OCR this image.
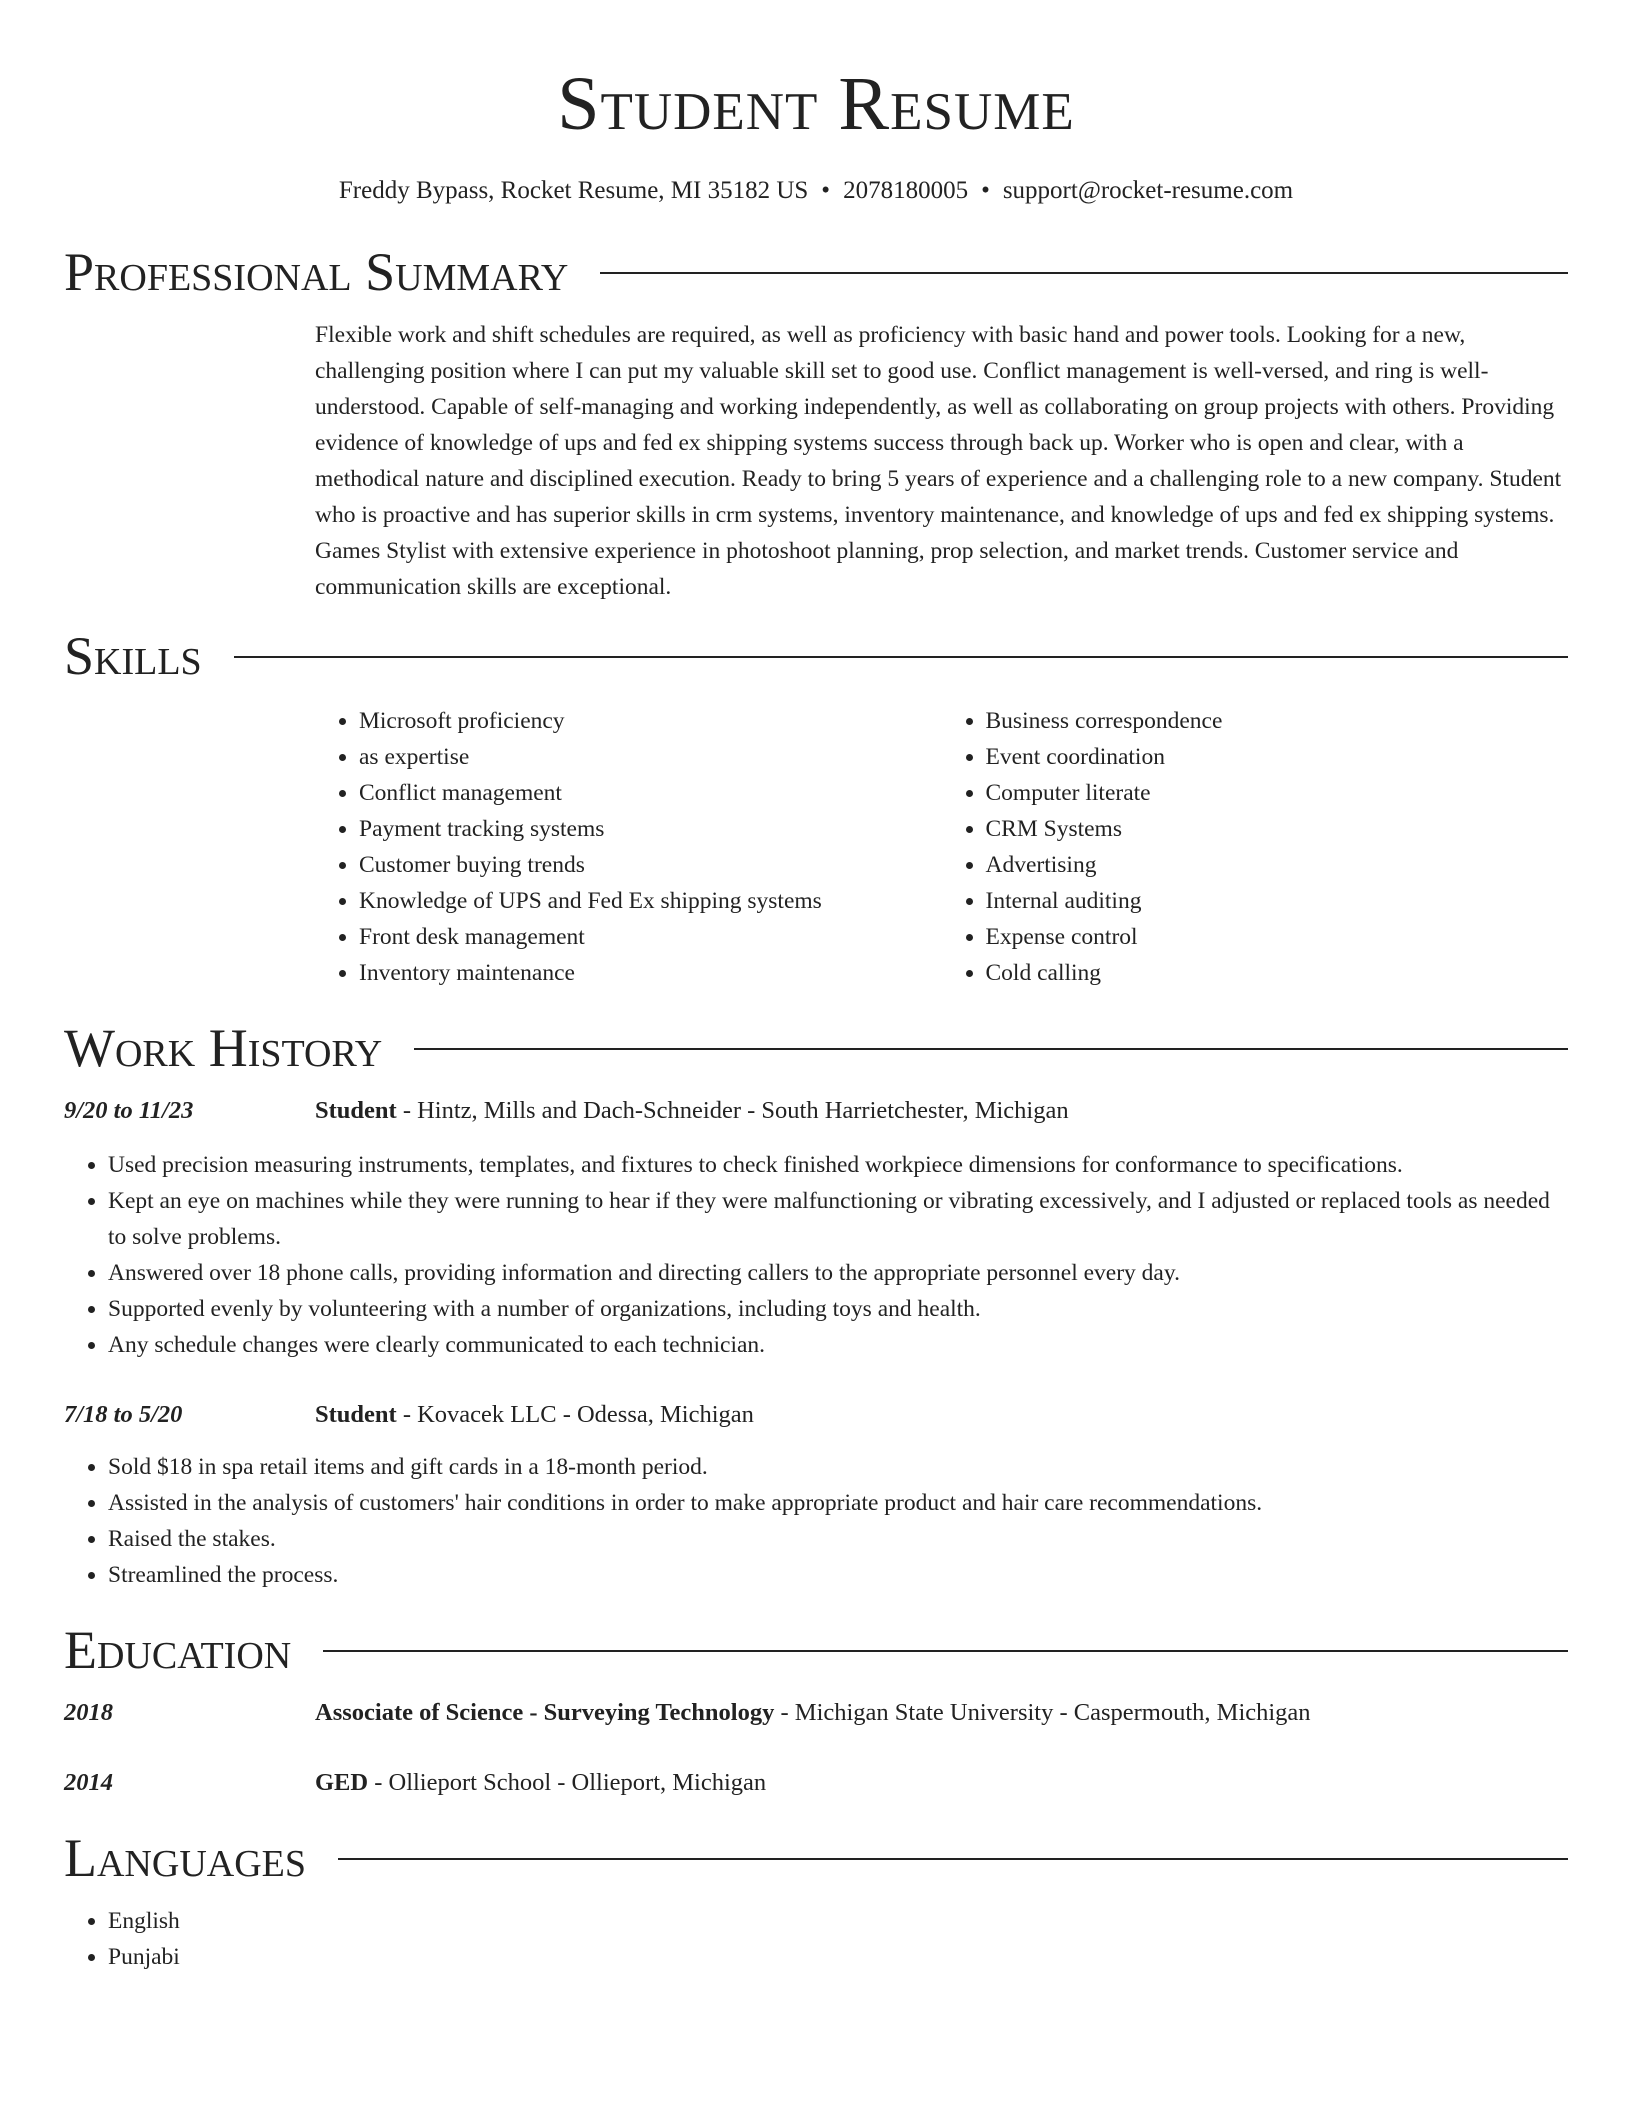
Student Resume
Freddy Bypass, Rocket Resume, MI 35182 US • 2078180005 • support@rocket-resume.com
Professional Summary
Flexible work and shift schedules are required, as well as proficiency with basic hand and power tools. Looking for a new, challenging position where I can put my valuable skill set to good use. Conflict management is well-versed, and ring is well-understood. Capable of self-managing and working independently, as well as collaborating on group projects with others. Providing evidence of knowledge of ups and fed ex shipping systems success through back up. Worker who is open and clear, with a methodical nature and disciplined execution. Ready to bring 5 years of experience and a challenging role to a new company. Student who is proactive and has superior skills in crm systems, inventory maintenance, and knowledge of ups and fed ex shipping systems. Games Stylist with extensive experience in photoshoot planning, prop selection, and market trends. Customer service and communication skills are exceptional.
Skills
• Microsoft proficiency
• as expertise
• Conflict management
• Payment tracking systems
• Customer buying trends
• Knowledge of UPS and Fed Ex shipping systems
• Front desk management
• Inventory maintenance
• Business correspondence
• Event coordination
• Computer literate
• CRM Systems
• Advertising
• Internal auditing
• Expense control
• Cold calling
Work History
9/20 to 11/23	Student - Hintz, Mills and Dach-Schneider - South Harrietchester, Michigan
• Used precision measuring instruments, templates, and fixtures to check finished workpiece dimensions for conformance to specifications.
• Kept an eye on machines while they were running to hear if they were malfunctioning or vibrating excessively, and I adjusted or replaced tools as needed to solve problems.
• Answered over 18 phone calls, providing information and directing callers to the appropriate personnel every day.
• Supported evenly by volunteering with a number of organizations, including toys and health.
• Any schedule changes were clearly communicated to each technician.
7/18 to 5/20	Student - Kovacek LLC - Odessa, Michigan
• Sold $18 in spa retail items and gift cards in a 18-month period.
• Assisted in the analysis of customers' hair conditions in order to make appropriate product and hair care recommendations.
• Raised the stakes.
• Streamlined the process.
Education
2018	Associate of Science - Surveying Technology - Michigan State University - Caspermouth, Michigan
2014	GED - Ollieport School - Ollieport, Michigan
Languages
• English
• Punjabi
